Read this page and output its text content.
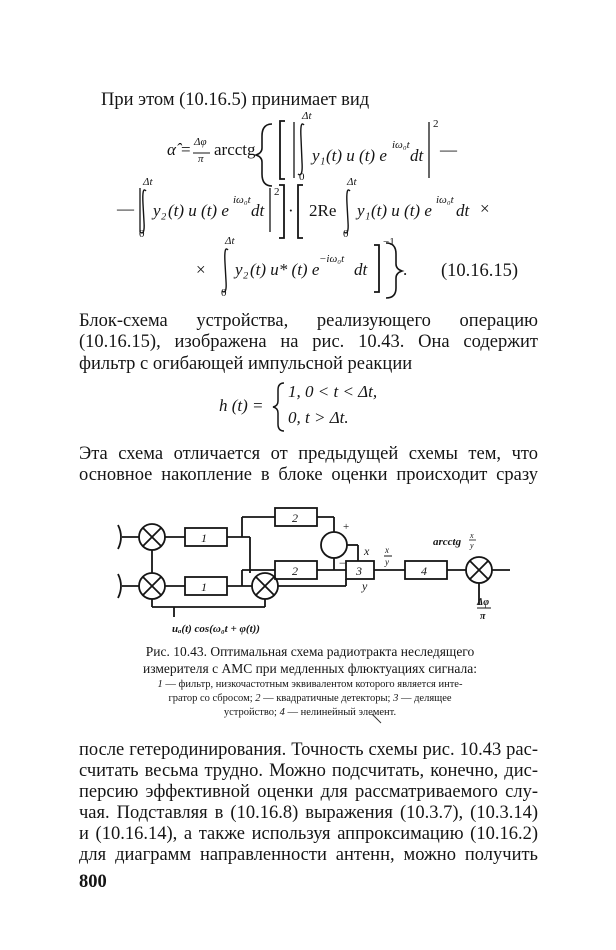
При этом (10.16.5) принимает вид
α̂ = Δφ
π arcctg
Δt
0
y₁ (t) u (t) e
iω₀t
dt
2
—
—
Δt
0
y₂ (t) u (t) e
iω₀t
dt
2
· 2Re
Δt
0
y₁ (t) u (t) e
iω₀t
dt ×
×
Δt
0
y₂ (t) u* (t) e
−iω₀t
dt
−1
. (10.16.15)
Блок-схема устройства, реализующего операцию
(10.16.15), изображена на рис. 10.43. Она содержит
фильтр с огибающей импульсной реакции
h (t) =
1, 0 < t < Δt,
0, t > Δt.
Эта схема отличается от предыдущей схемы тем, что
основное накопление в блоке оценки происходит сразу
1
1
2
2	3	4
+
−
x
y
x
y
arcctg
x
y
Δφ
π
uₐ(t) cos(ω₀t + φ(t))
Рис. 10.43. Оптимальная схема радиотракта неследящего
измерителя с АМС при медленных флюктуациях сигнала:
1 — фильтр, низкочастотным эквивалентом которого является инте-
гратор со сбросом; 2 — квадратичные детекторы; 3 — делящее
устройство; 4 — нелинейный элемент.
после гетеродинирования. Точность схемы рис. 10.43 рас-
считать весьма трудно. Можно подсчитать, конечно, дис-
персию эффективной оценки для рассматриваемого слу-
чая. Подставляя в (10.16.8) выражения (10.3.7), (10.3.14)
и (10.16.14), а также используя аппроксимацию (10.16.2)
для диаграмм направленности антенн, можно получить
800
